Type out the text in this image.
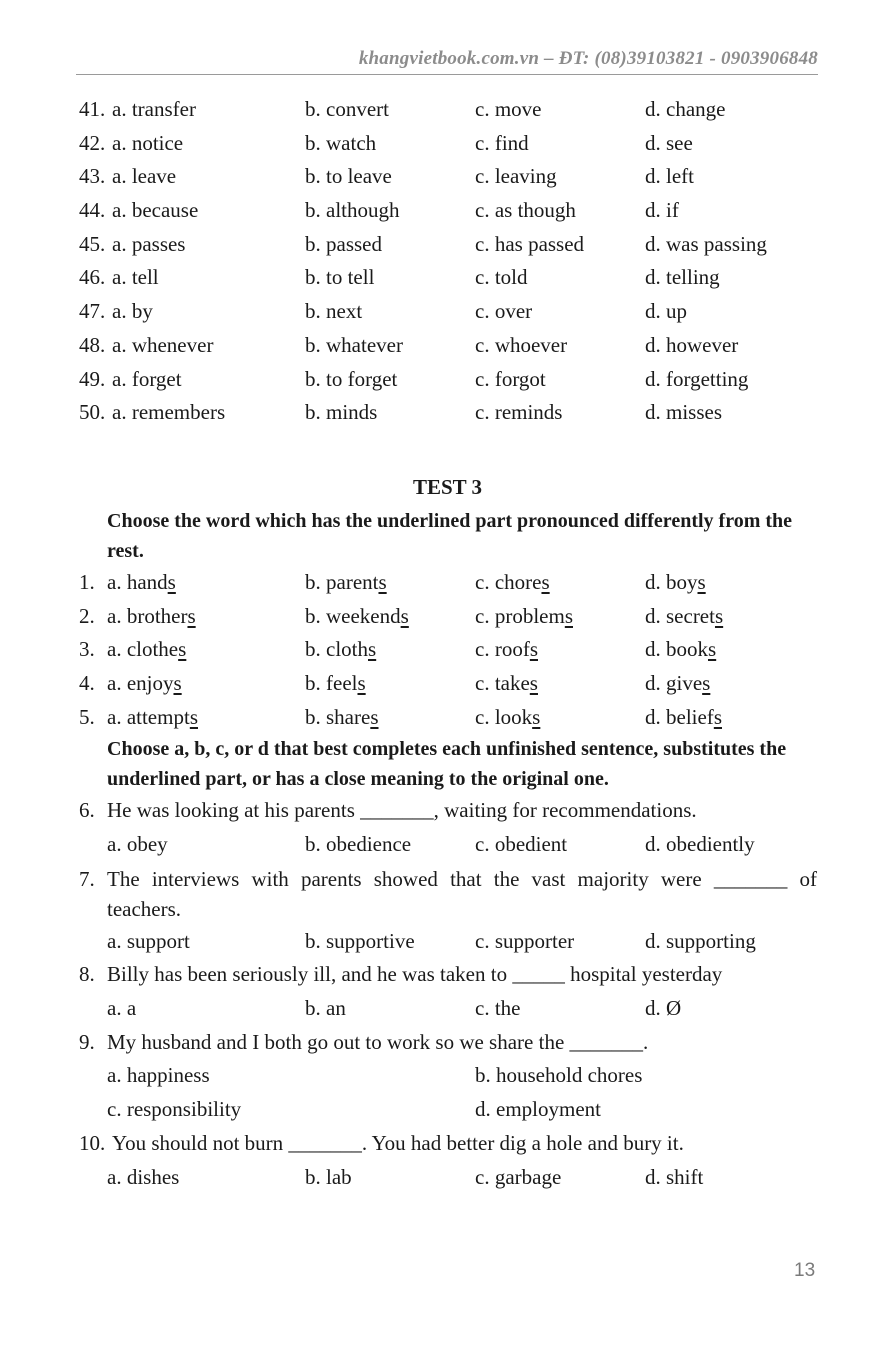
khangvietbook.com.vn – ĐT: (08)39103821 - 0903906848
41. a. transfer	b. convert	c. move	d. change
42. a. notice	b. watch	c. find	d. see
43. a. leave	b. to leave	c. leaving	d. left
44. a. because	b. although	c. as though	d. if
45. a. passes	b. passed	c. has passed	d. was passing
46. a. tell	b. to tell	c. told	d. telling
47. a. by	b. next	c. over	d. up
48. a. whenever	b. whatever	c. whoever	d. however
49. a. forget	b. to forget	c. forgot	d. forgetting
50. a. remembers	b. minds	c. reminds	d. misses
TEST 3
Choose the word which has the underlined part pronounced differently from the rest.
1. a. hands	b. parents	c. chores	d. boys
2. a. brothers	b. weekends	c. problems	d. secrets
3. a. clothes	b. cloths	c. roofs	d. books
4. a. enjoys	b. feels	c. takes	d. gives
5. a. attempts	b. shares	c. looks	d. beliefs
Choose a, b, c, or d that best completes each unfinished sentence, substitutes the underlined part, or has a close meaning to the original one.
6. He was looking at his parents _______, waiting for recommendations.
a. obey	b. obedience	c. obedient	d. obediently
7. The interviews with parents showed that the vast majority were _______ of teachers.
a. support	b. supportive	c. supporter	d. supporting
8. Billy has been seriously ill, and he was taken to _____ hospital yesterday
a. a	b. an	c. the	d. Ø
9. My husband and I both go out to work so we share the _______.
a. happiness	b. household chores
c. responsibility	d. employment
10. You should not burn _______. You had better dig a hole and bury it.
a. dishes	b. lab	c. garbage	d. shift
13
